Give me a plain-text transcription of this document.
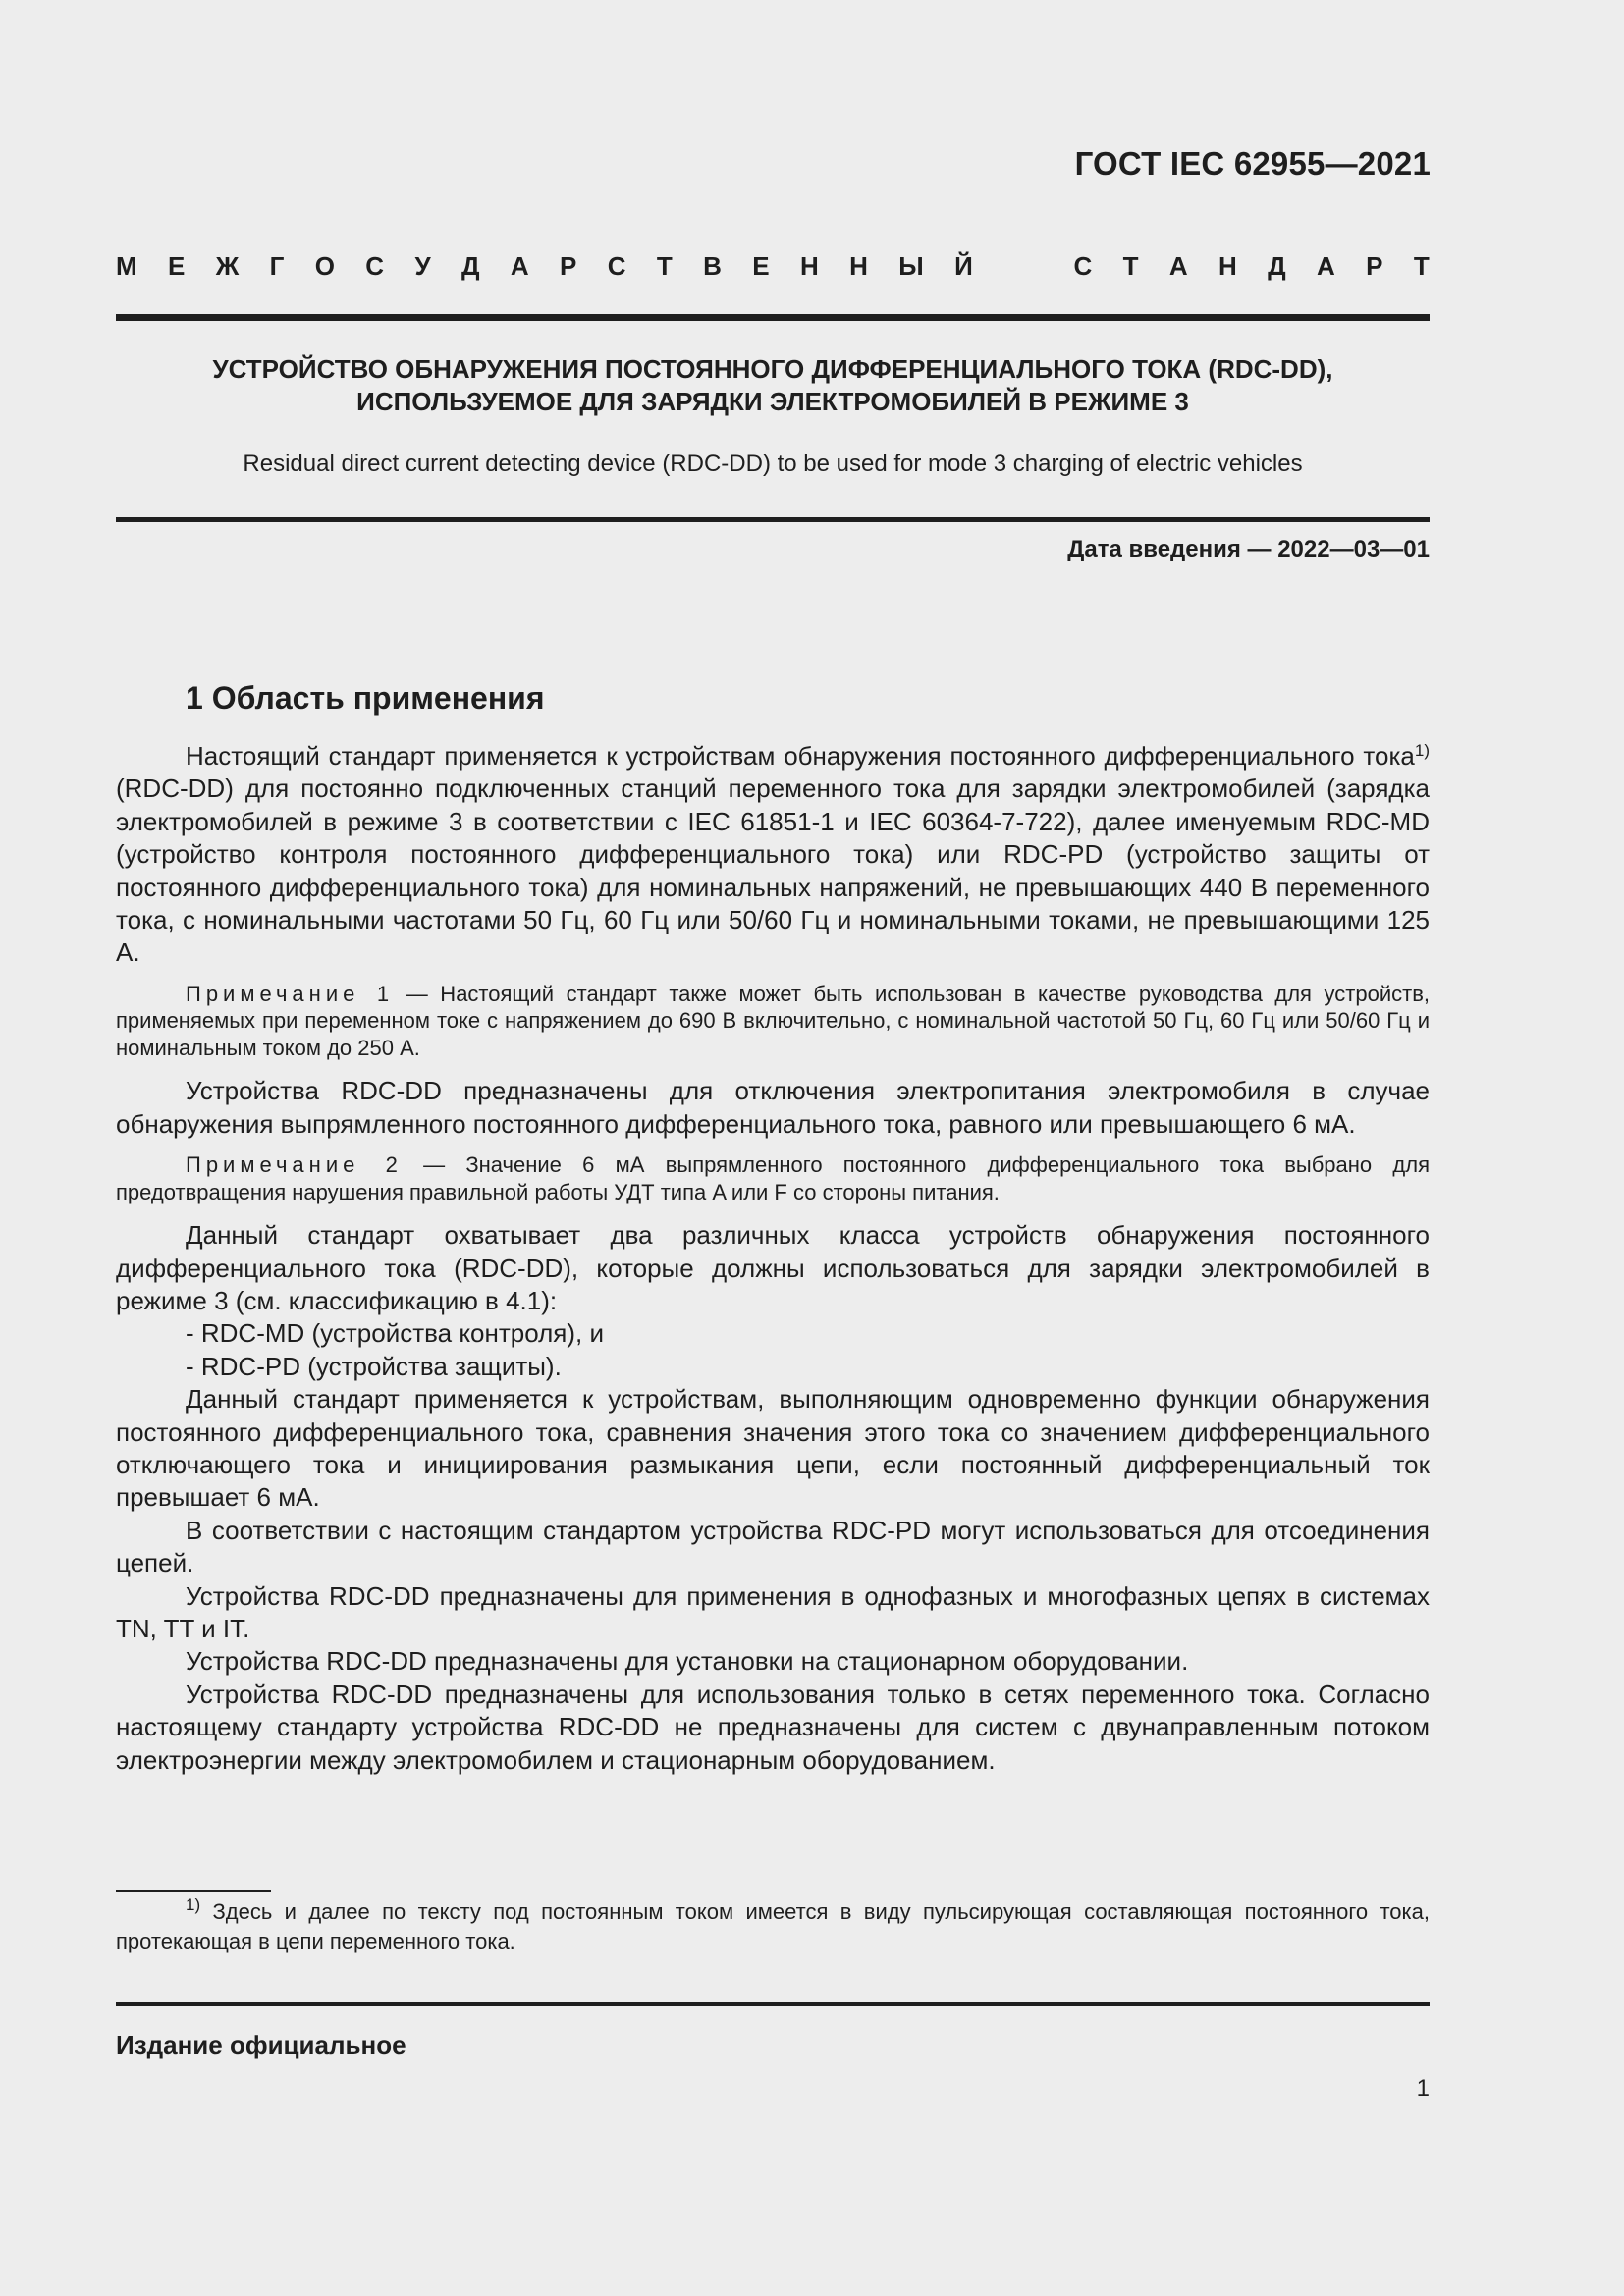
ГОСТ IEC 62955—2021
М Е Ж Г О С У Д А Р С Т В Е Н Н Ы Й	С Т А Н Д А Р Т
УСТРОЙСТВО ОБНАРУЖЕНИЯ ПОСТОЯННОГО ДИФФЕРЕНЦИАЛЬНОГО ТОКА (RDC-DD),
ИСПОЛЬЗУЕМОЕ ДЛЯ ЗАРЯДКИ ЭЛЕКТРОМОБИЛЕЙ В РЕЖИМЕ 3
Residual direct current detecting device (RDC-DD) to be used for mode 3 charging of electric vehicles
Дата введения — 2022—03—01
1 Область применения

Настоящий стандарт применяется к устройствам обнаружения постоянного дифференциального тока$^{1)}$ (RDC-DD) для постоянно подключенных станций переменного тока для зарядки электромобилей (зарядка электромобилей в режиме 3 в соответствии с IEC 61851-1 и IEC 60364-7-722), далее именуемым RDC-MD (устройство контроля постоянного дифференциального тока) или RDC-PD (устройство защиты от постоянного дифференциального тока) для номинальных напряжений, не превышающих 440 В переменного тока, с номинальными частотами 50 Гц, 60 Гц или 50/60 Гц и номинальными токами, не превышающими 125 А.

Примечание 1 — Настоящий стандарт также может быть использован в качестве руководства для устройств, применяемых при переменном токе с напряжением до 690 В включительно, с номинальной частотой 50 Гц, 60 Гц или 50/60 Гц и номинальным током до 250 А.

Устройства RDC-DD предназначены для отключения электропитания электромобиля в случае обнаружения выпрямленного постоянного дифференциального тока, равного или превышающего 6 мА.

Примечание 2 — Значение 6 мА выпрямленного постоянного дифференциального тока выбрано для предотвращения нарушения правильной работы УДТ типа A или F со стороны питания.

Данный стандарт охватывает два различных класса устройств обнаружения постоянного дифференциального тока (RDC-DD), которые должны использоваться для зарядки электромобилей в режиме 3 (см. классификацию в 4.1):

- RDC-MD (устройства контроля), и
- RDC-PD (устройства защиты).

Данный стандарт применяется к устройствам, выполняющим одновременно функции обнаружения постоянного дифференциального тока, сравнения значения этого тока со значением дифференциального отключающего тока и инициирования размыкания цепи, если постоянный дифференциальный ток превышает 6 мА.

В соответствии с настоящим стандартом устройства RDC-PD могут использоваться для отсоединения цепей.

Устройства RDC-DD предназначены для применения в однофазных и многофазных цепях в системах TN, TT и IT.

Устройства RDC-DD предназначены для установки на стационарном оборудовании.

Устройства RDC-DD предназначены для использования только в сетях переменного тока. Согласно настоящему стандарту устройства RDC-DD не предназначены для систем с двунаправленным потоком электроэнергии между электромобилем и стационарным оборудованием.

$^{1)}$ Здесь и далее по тексту под постоянным током имеется в виду пульсирующая составляющая постоянного тока, протекающая в цепи переменного тока.
Издание официальное
1
